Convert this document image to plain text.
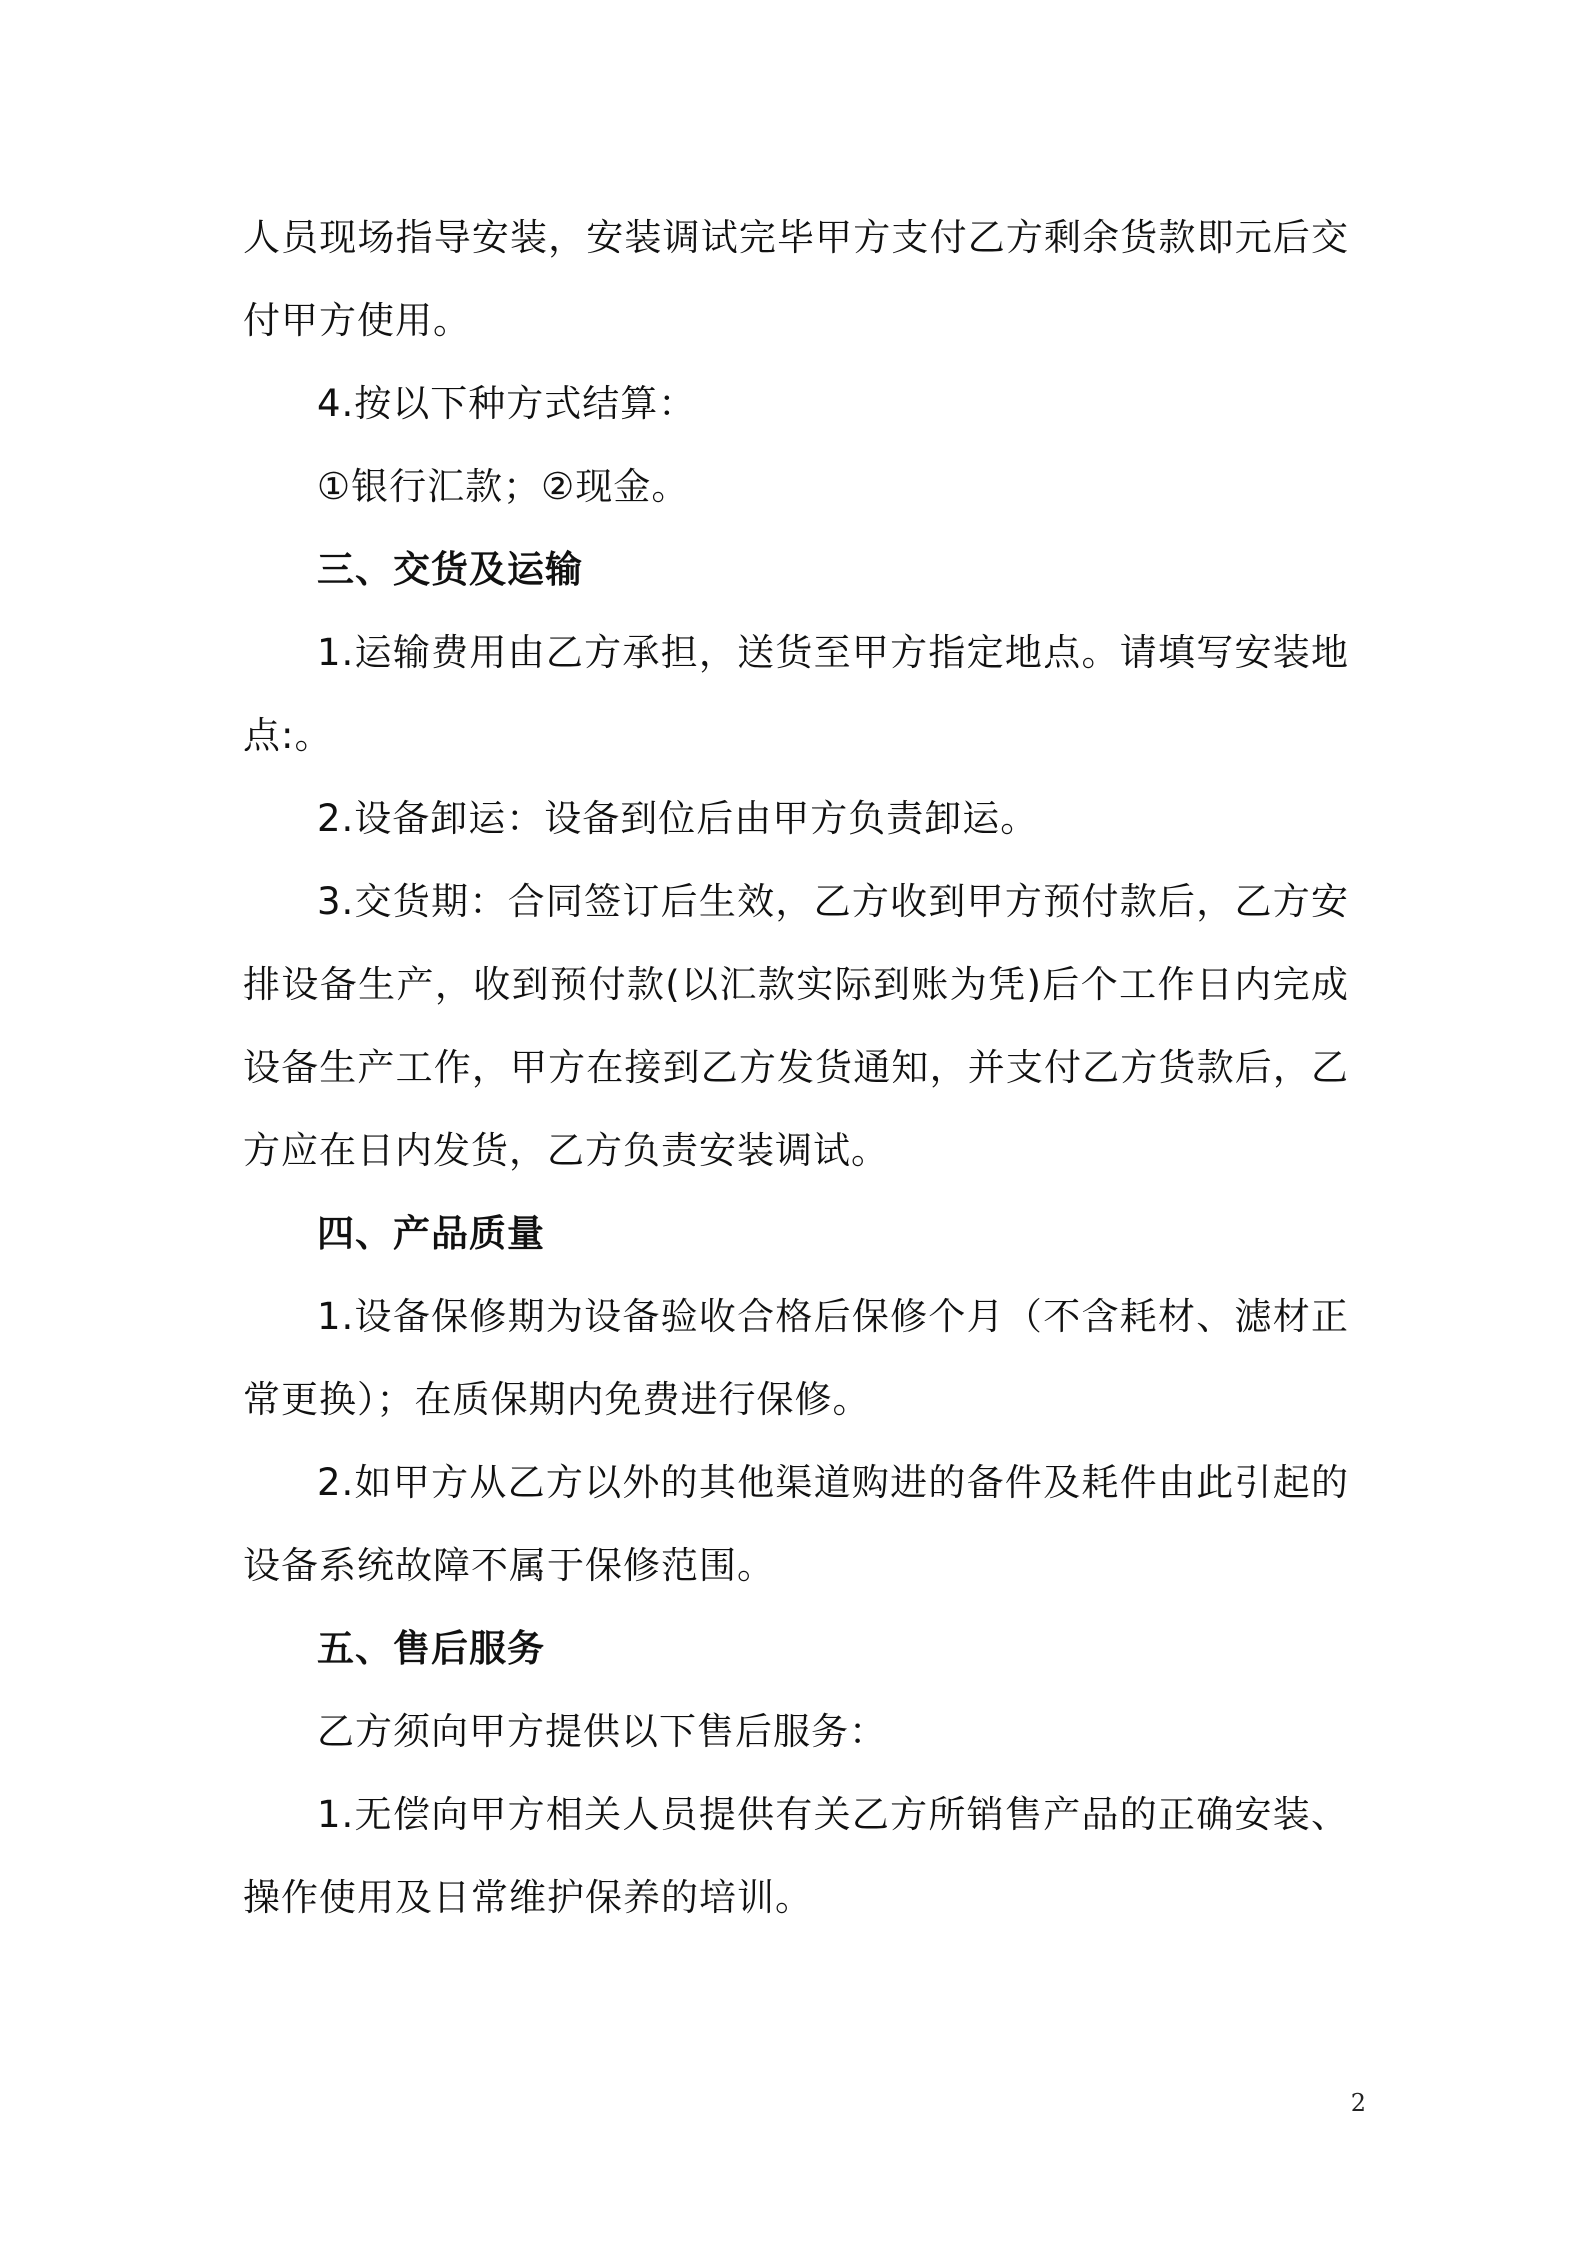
人员现场指导安装，安装调试完毕甲方支付乙方剩余货款即元后交付甲方使用。

4.按以下种方式结算：

①银行汇款；②现金。

三、交货及运输

1.运输费用由乙方承担，送货至甲方指定地点。请填写安装地点:。

2.设备卸运：设备到位后由甲方负责卸运。

3.交货期：合同签订后生效，乙方收到甲方预付款后，乙方安排设备生产，收到预付款(以汇款实际到账为凭)后个工作日内完成设备生产工作，甲方在接到乙方发货通知，并支付乙方货款后，乙方应在日内发货，乙方负责安装调试。

四、产品质量

1.设备保修期为设备验收合格后保修个月（不含耗材、滤材正常更换）；在质保期内免费进行保修。

2.如甲方从乙方以外的其他渠道购进的备件及耗件由此引起的设备系统故障不属于保修范围。

五、售后服务

乙方须向甲方提供以下售后服务：

1.无偿向甲方相关人员提供有关乙方所销售产品的正确安装、操作使用及日常维护保养的培训。

2
